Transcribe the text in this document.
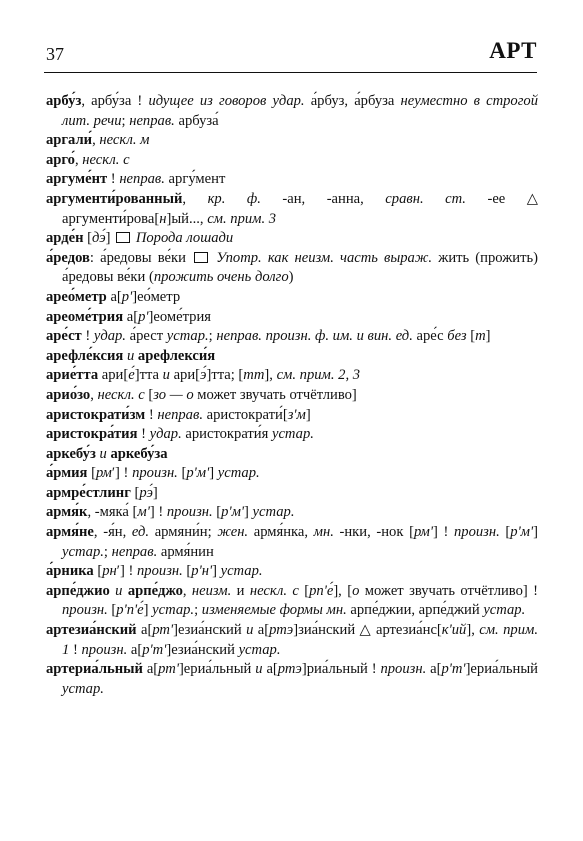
37	АРТ
арбу́з, арбу́за ! идущее из говоров удар. а́рбуз, а́рбуза неуместно в строгой лит. речи; неправ. арбуза́
аргали́, нескл. м
арго́, нескл. с
аргуме́нт ! неправ. аргу́мент
аргументи́рованный, кр. ф. -ан, -анна, сравн. ст. -ее △ аргументи́рова[н]ый..., см. прим. 3
арде́н [дэ́]  Порода лошади
а́редов: а́редовы ве́ки  Употр. как неизм. часть выраж. жить (прожить) а́редовы ве́ки (прожить очень долго)
арео́метр а[рʹ]ео́метр
ареоме́трия а[рʹ]еоме́трия
аре́ст ! удар. а́рест устар.; неправ. произн. ф. им. и вин. ед. аре́с без [т]
арефле́ксия и арефлекси́я
арие́тта ари[е́]тта и ари[э́]тта; [тт], см. прим. 2, 3
арио́зо, нескл. с [зо — о может звучать отчётливо]
аристократи́зм ! неправ. аристократи́[зʹм]
аристокра́тия ! удар. аристократи́я устар.
аркебу́з и аркебу́за
а́рмия [рмʹ] ! произн. [рʹмʹ] устар.
армре́стлинг [рэ́]
армя́к, -мяка́ [мʹ] ! произн. [рʹмʹ] устар.
армя́не, -я́н, ед. армяни́н; жен. армя́нка, мн. -нки, -нок [рмʹ] ! произн. [рʹмʹ] устар.; неправ. армя́нин
а́рника [рнʹ] ! произн. [рʹнʹ] устар.
арпе́джио и арпе́джо, неизм. и нескл. с [рпʹе́], [о может звучать отчётливо] ! произн. [рʹпʹе́] устар.; изменяемые формы мн. арпе́джии, арпе́джий устар.
артезиа́нский а[ртʹ]езиа́нский и а[ртэ]зиа́нский △ артезиа́нс[кʹий], см. прим. 1 ! произн. а[рʹтʹ]езиа́нский устар.
артериа́льный а[ртʹ]ериа́льный и а[ртэ]риа́льный ! произн. а[рʹтʹ]ериа́льный устар.
